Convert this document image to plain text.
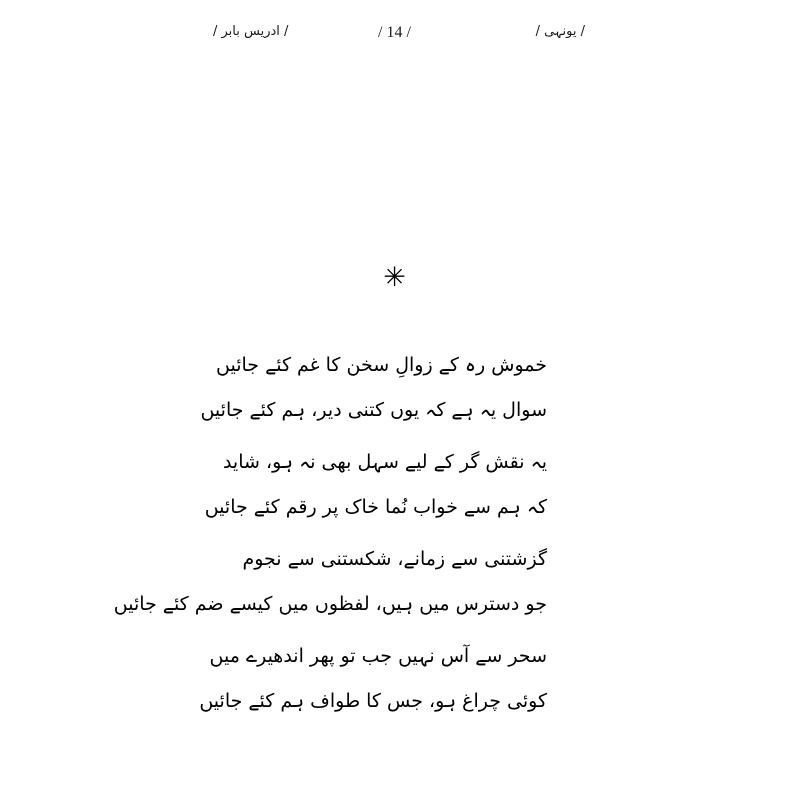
/ ادریس بابر /	/ 14 /	/ یونہی /
✳
خموش رہ کے زوالِ سخن کا غم کئے جائیں
سوال یہ ہے کہ یوں کتنی دیر، ہم کئے جائیں
یہ نقش گر کے لیے سہل بھی نہ ہو، شاید
کہ ہم سے خواب نُما خاک پر رقم کئے جائیں
گزشتنی سے زمانے، شکستنی سے نجوم
جو دسترس میں ہیں، لفظوں میں کیسے ضم کئے جائیں
سحر سے آس نہیں جب تو پھر اندھیرے میں
کوئی چراغ ہو، جس کا طواف ہم کئے جائیں
